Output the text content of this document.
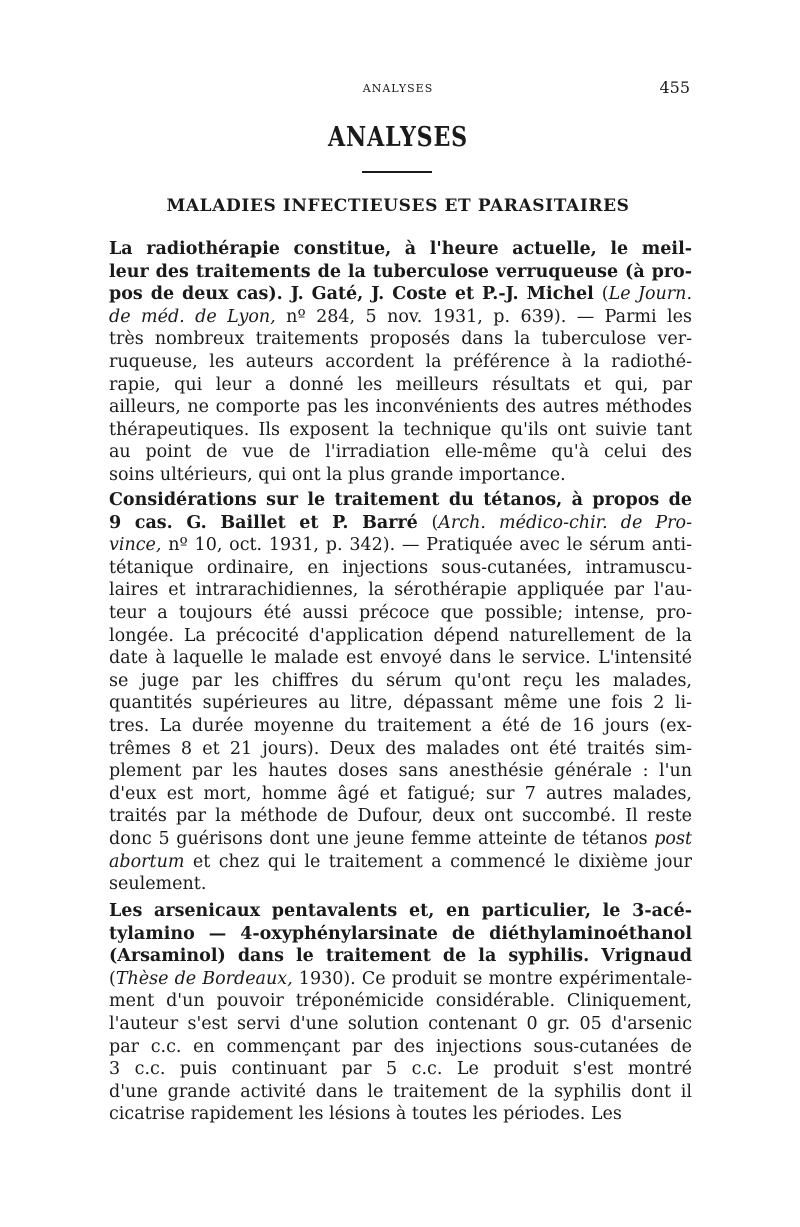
ANALYSES	455
ANALYSES
MALADIES INFECTIEUSES ET PARASITAIRES
La radiothérapie constitue, à l'heure actuelle, le meil-
leur des traitements de la tuberculose verruqueuse (à pro-
pos de deux cas). J. Gaté, J. Coste et P.-J. Michel (Le Journ.
de méd. de Lyon, nº 284, 5 nov. 1931, p. 639). — Parmi les
très nombreux traitements proposés dans la tuberculose ver-
ruqueuse, les auteurs accordent la préférence à la radiothé-
rapie, qui leur a donné les meilleurs résultats et qui, par
ailleurs, ne comporte pas les inconvénients des autres méthodes
thérapeutiques. Ils exposent la technique qu'ils ont suivie tant
au point de vue de l'irradiation elle-même qu'à celui des
soins ultérieurs, qui ont la plus grande importance.
Considérations sur le traitement du tétanos, à propos de
9 cas. G. Baillet et P. Barré (Arch. médico-chir. de Pro-
vince, nº 10, oct. 1931, p. 342). — Pratiquée avec le sérum anti-
tétanique ordinaire, en injections sous-cutanées, intramuscu-
laires et intrarachidiennes, la sérothérapie appliquée par l'au-
teur a toujours été aussi précoce que possible; intense, pro-
longée. La précocité d'application dépend naturellement de la
date à laquelle le malade est envoyé dans le service. L'intensité
se juge par les chiffres du sérum qu'ont reçu les malades,
quantités supérieures au litre, dépassant même une fois 2 li-
tres. La durée moyenne du traitement a été de 16 jours (ex-
trêmes 8 et 21 jours). Deux des malades ont été traités sim-
plement par les hautes doses sans anesthésie générale : l'un
d'eux est mort, homme âgé et fatigué; sur 7 autres malades,
traités par la méthode de Dufour, deux ont succombé. Il reste
donc 5 guérisons dont une jeune femme atteinte de tétanos post
abortum et chez qui le traitement a commencé le dixième jour
seulement.
Les arsenicaux pentavalents et, en particulier, le 3-acé-
tylamino — 4-oxyphénylarsinate de diéthylaminoéthanol
(Arsaminol) dans le traitement de la syphilis. Vrignaud
(Thèse de Bordeaux, 1930). Ce produit se montre expérimentale-
ment d'un pouvoir tréponémicide considérable. Cliniquement,
l'auteur s'est servi d'une solution contenant 0 gr. 05 d'arsenic
par c.c. en commençant par des injections sous-cutanées de
3 c.c. puis continuant par 5 c.c. Le produit s'est montré
d'une grande activité dans le traitement de la syphilis dont il
cicatrise rapidement les lésions à toutes les périodes. Les
